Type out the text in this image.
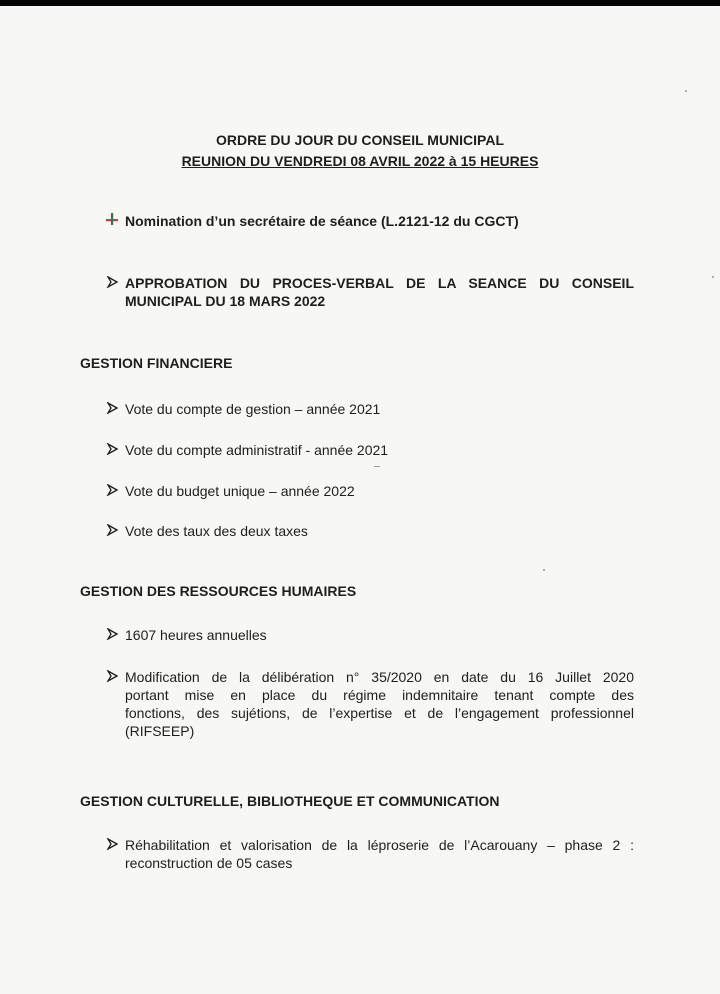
ORDRE DU JOUR DU CONSEIL MUNICIPAL
REUNION DU VENDREDI 08 AVRIL 2022 à 15 HEURES
Nomination d’un secrétaire de séance (L.2121-12 du CGCT)
APPROBATION DU PROCES-VERBAL DE LA SEANCE DU CONSEIL
MUNICIPAL DU 18 MARS 2022
GESTION FINANCIERE
Vote du compte de gestion – année 2021
Vote du compte administratif - année 2021
Vote du budget unique – année 2022
Vote des taux des deux taxes
GESTION DES RESSOURCES HUMAIRES
1607 heures annuelles
Modification de la délibération n° 35/2020 en date du 16 Juillet 2020
portant mise en place du régime indemnitaire tenant compte des
fonctions, des sujétions, de l’expertise et de l’engagement professionnel
(RIFSEEP)
GESTION CULTURELLE, BIBLIOTHEQUE ET COMMUNICATION
Réhabilitation et valorisation de la léproserie de l’Acarouany – phase 2 :
reconstruction de 05 cases
